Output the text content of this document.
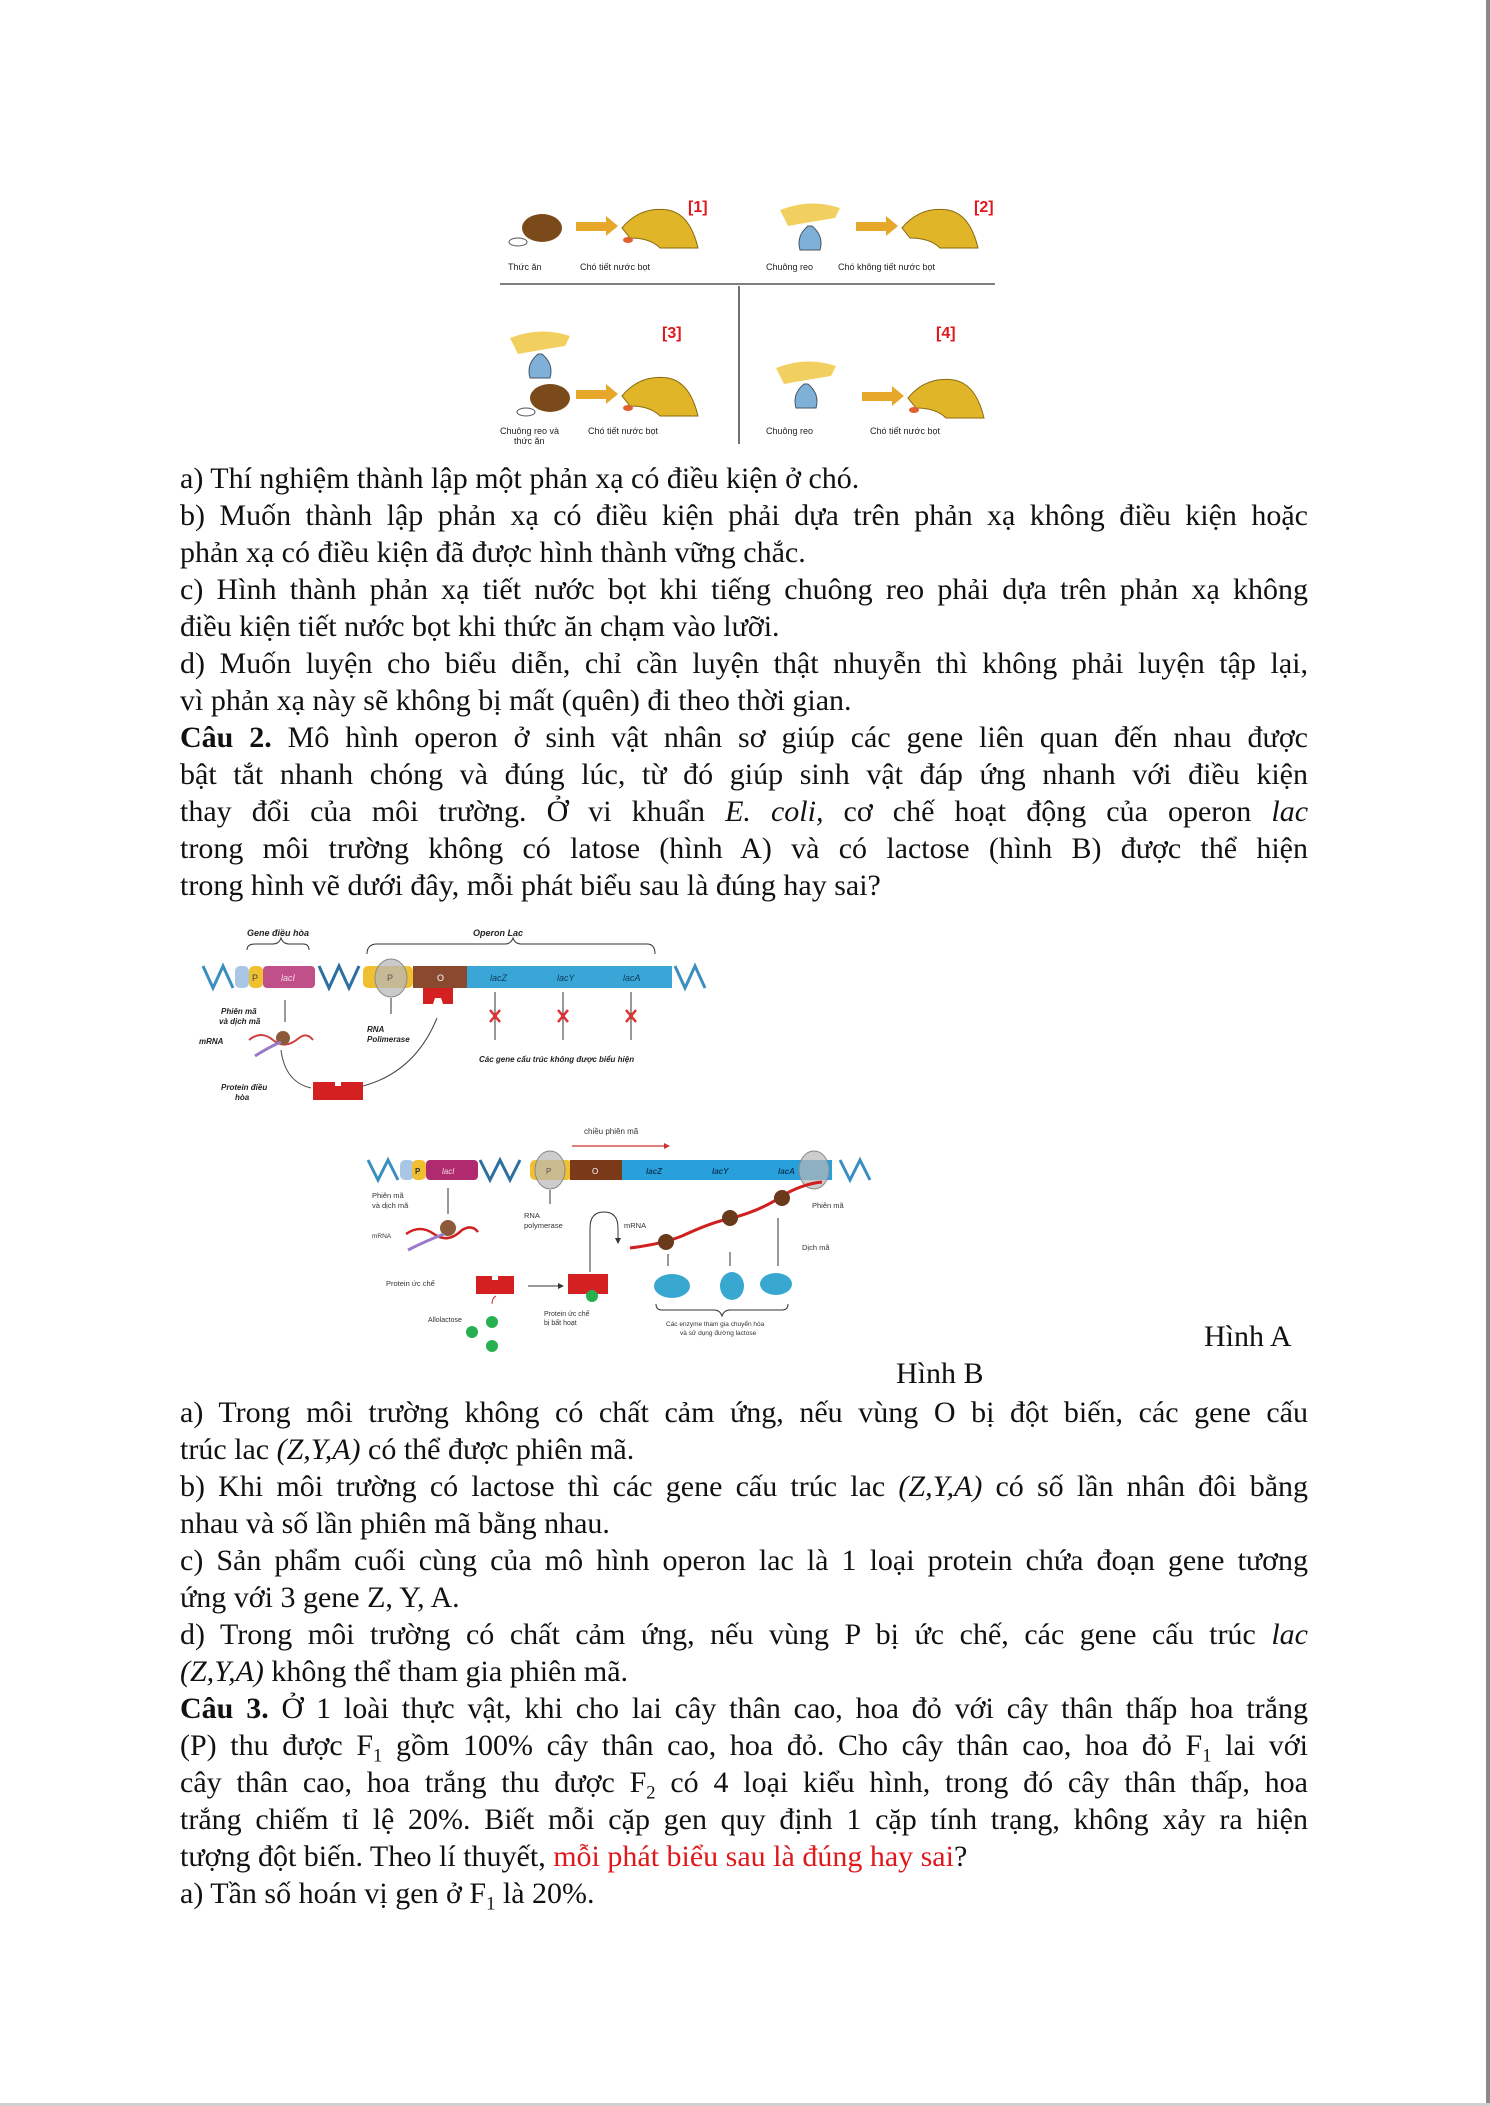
[1]
Thức ăn	Chó tiết nước bọt
[2]
Chuông reo	Chó không tiết nước bọt
[3]
Chuông reo và
thức ăn
Chó tiết nước bọt
[4]
Chuông reo	Chó tiết nước bọt
a) Thí nghiệm thành lập một phản xạ có điều kiện ở chó.
b) Muốn thành lập phản xạ có điều kiện phải dựa trên phản xạ không điều kiện hoặc
phản xạ có điều kiện đã được hình thành vững chắc.
c) Hình thành phản xạ tiết nước bọt khi tiếng chuông reo phải dựa trên phản xạ không
điều kiện tiết nước bọt khi thức ăn chạm vào lưỡi.
d) Muốn luyện cho biểu diễn, chỉ cần luyện thật nhuyễn thì không phải luyện tập lại,
vì phản xạ này sẽ không bị mất (quên) đi theo thời gian.
Câu 2. Mô hình operon ở sinh vật nhân sơ giúp các gene liên quan đến nhau được
bật tắt nhanh chóng và đúng lúc, từ đó giúp sinh vật đáp ứng nhanh với điều kiện
thay đổi của môi trường. Ở vi khuẩn E. coli, cơ chế hoạt động của operon lac
trong môi trường không có latose (hình A) và có lactose (hình B) được thể hiện
trong hình vẽ dưới đây, mỗi phát biểu sau là đúng hay sai?
Gene điều hòa	Operon Lac
P	lacI	P	O	lacZ	lacY	lacA
Các gene cấu trúc không được biểu hiện
Phiên mã
và dịch mã
mRNA
RNA
Polimerase
Protein điều
hòa
chiều phiên mã
P	lacI	P	O	lacZ	lacY	lacA
Phiên mã
và dịch mã
mRNA
RNA
polymerase
Protein ức chế
Protein ức chế
bị bất hoạt
Allolactose
mRNA
Phiên mã
Dịch mã
Các enzyme tham gia chuyển hóa
và sử dụng đường lactose	Hình A
Hình B
a) Trong môi trường không có chất cảm ứng, nếu vùng O bị đột biến, các gene cấu
trúc lac (Z,Y,A) có thể được phiên mã.
b) Khi môi trường có lactose thì các gene cấu trúc lac (Z,Y,A) có số lần nhân đôi bằng
nhau và số lần phiên mã bằng nhau.
c) Sản phẩm cuối cùng của mô hình operon lac là 1 loại protein chứa đoạn gene tương
ứng với 3 gene Z, Y, A.
d) Trong môi trường có chất cảm ứng, nếu vùng P bị ức chế, các gene cấu trúc lac
(Z,Y,A) không thể tham gia phiên mã.
Câu 3. Ở 1 loài thực vật, khi cho lai cây thân cao, hoa đỏ với cây thân thấp hoa trắng
(P) thu được $F_1$ gồm 100% cây thân cao, hoa đỏ. Cho cây thân cao, hoa đỏ $F_1$ lai với
cây thân cao, hoa trắng thu được $F_2$ có 4 loại kiểu hình, trong đó cây thân thấp, hoa
trắng chiếm tỉ lệ 20%. Biết mỗi cặp gen quy định 1 cặp tính trạng, không xảy ra hiện
tượng đột biến. Theo lí thuyết, mỗi phát biểu sau là đúng hay sai?
a) Tần số hoán vị gen ở $F_1$ là 20%.
